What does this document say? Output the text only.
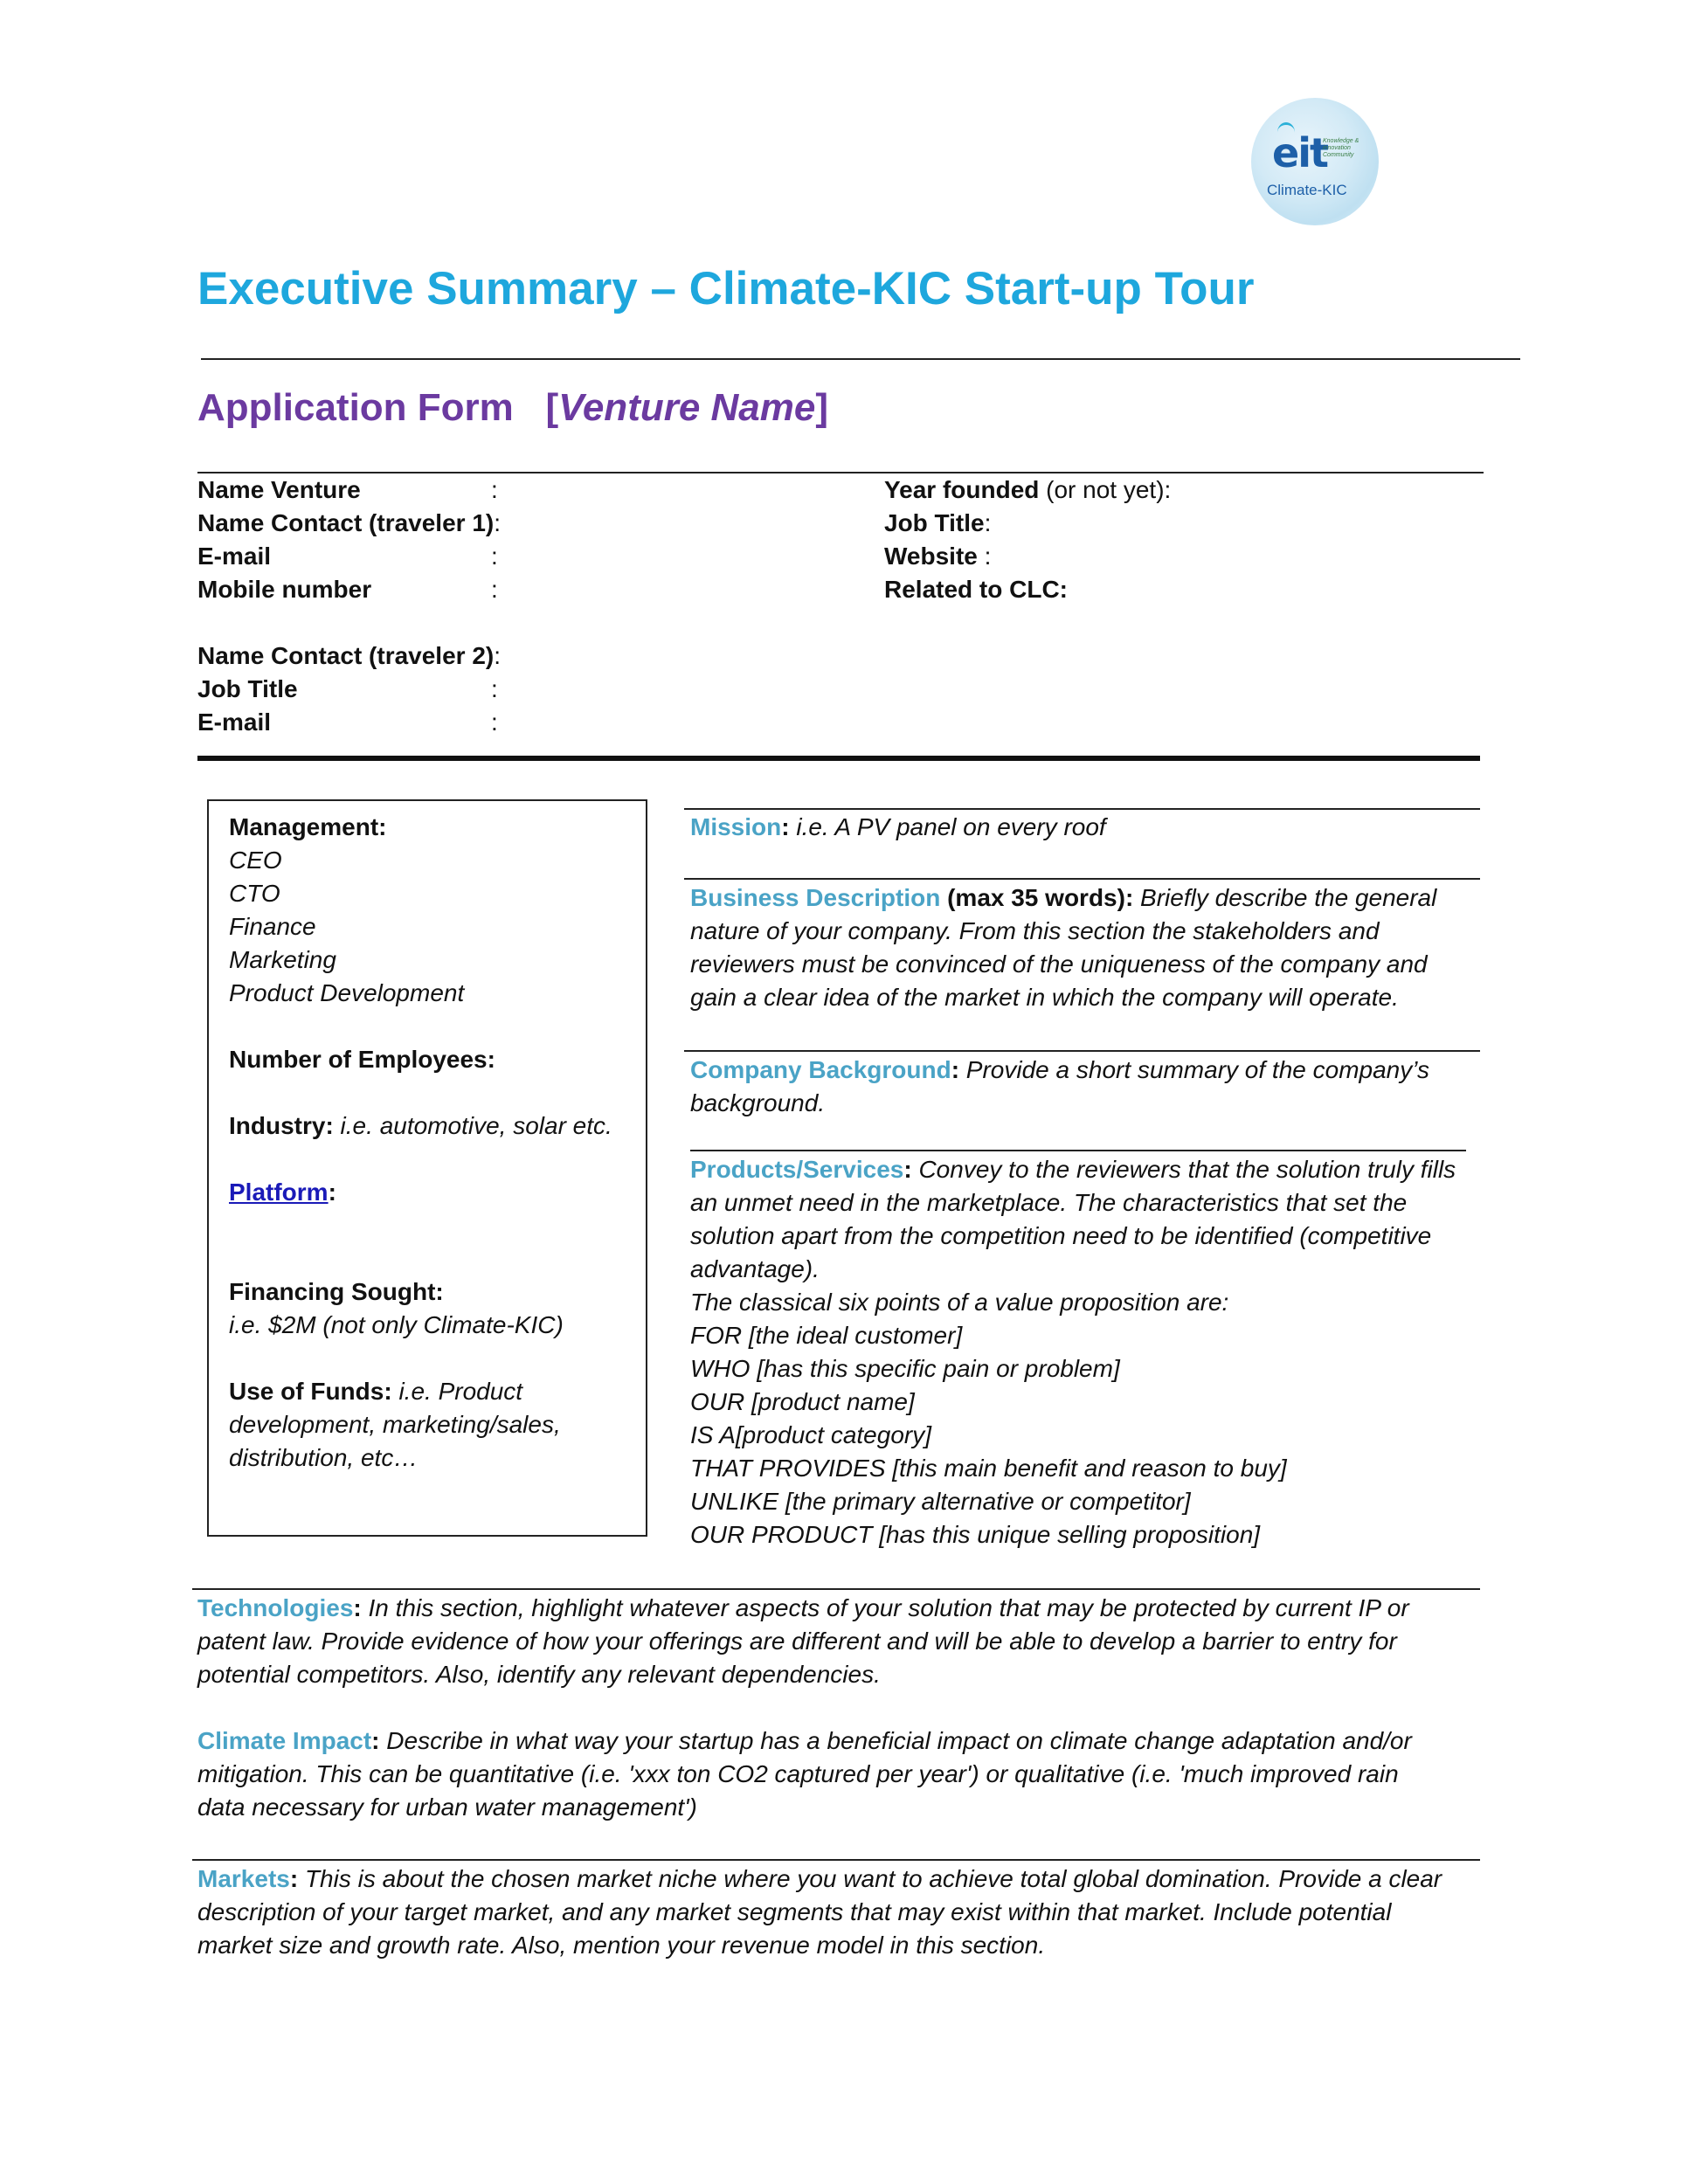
eit
Knowledge & innovation Community
Climate-KIC
Executive Summary – Climate-KIC Start-up Tour
Application Form [Venture Name]
Name Venture	:
Name Contact (traveler 1):
E-mail	:
Mobile number	:
Name Contact (traveler 2):
Job Title	:
E-mail	:
Year founded (or not yet):
Job Title:
Website :
Related to CLC:
Management:
CEO
CTO
Finance
Marketing
Product Development
Number of Employees:
Industry: i.e. automotive, solar etc.
Platform:
Financing Sought:
i.e. $2M (not only Climate-KIC)
Use of Funds: i.e. Product
development, marketing/sales,
distribution, etc…
Mission: i.e. A PV panel on every roof
Business Description (max 35 words): Briefly describe the general
nature of your company. From this section the stakeholders and
reviewers must be convinced of the uniqueness of the company and
gain a clear idea of the market in which the company will operate.
Company Background: Provide a short summary of the company’s
background.
Products/Services: Convey to the reviewers that the solution truly fills
an unmet need in the marketplace. The characteristics that set the
solution apart from the competition need to be identified (competitive
advantage).
The classical six points of a value proposition are:
FOR [the ideal customer]
WHO [has this specific pain or problem]
OUR [product name]
IS A[product category]
THAT PROVIDES [this main benefit and reason to buy]
UNLIKE [the primary alternative or competitor]
OUR PRODUCT [has this unique selling proposition]
Technologies: In this section, highlight whatever aspects of your solution that may be protected by current IP or
patent law. Provide evidence of how your offerings are different and will be able to develop a barrier to entry for
potential competitors. Also, identify any relevant dependencies.
Climate Impact: Describe in what way your startup has a beneficial impact on climate change adaptation and/or
mitigation. This can be quantitative (i.e. 'xxx ton CO2 captured per year') or qualitative (i.e. 'much improved rain
data necessary for urban water management')
Markets: This is about the chosen market niche where you want to achieve total global domination. Provide a clear
description of your target market, and any market segments that may exist within that market. Include potential
market size and growth rate. Also, mention your revenue model in this section.
